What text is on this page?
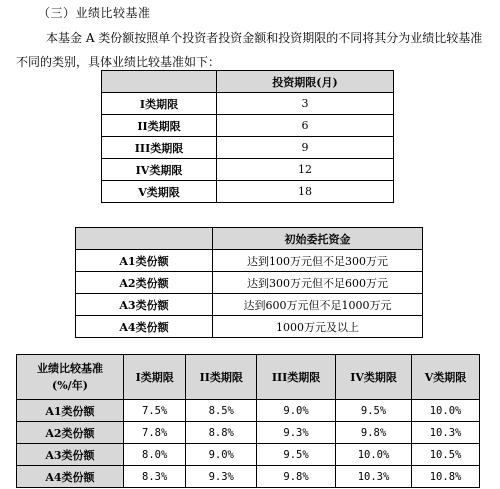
（三）业绩比较基准
本基金 A 类份额按照单个投资者投资金额和投资期限的不同将其分为业绩比较基准不同的类别，具体业绩比较基准如下：
	投资期限(月)
I类期限	3
II类期限	6
III类期限	9
IV类期限	12
V类期限	18
	初始委托资金
A1类份额	达到100万元但不足300万元
A2类份额	达到300万元但不足600万元
A3类份额	达到600万元但不足1000万元
A4类份额	1000万元及以上
业绩比较基准
(%/年)	I类期限	II类期限	III类期限	IV类期限	V类期限
A1类份额	7.5%	8.5%	9.0%	9.5%	10.0%
A2类份额	7.8%	8.8%	9.3%	9.8%	10.3%
A3类份额	8.0%	9.0%	9.5%	10.0%	10.5%
A4类份额	8.3%	9.3%	9.8%	10.3%	10.8%
